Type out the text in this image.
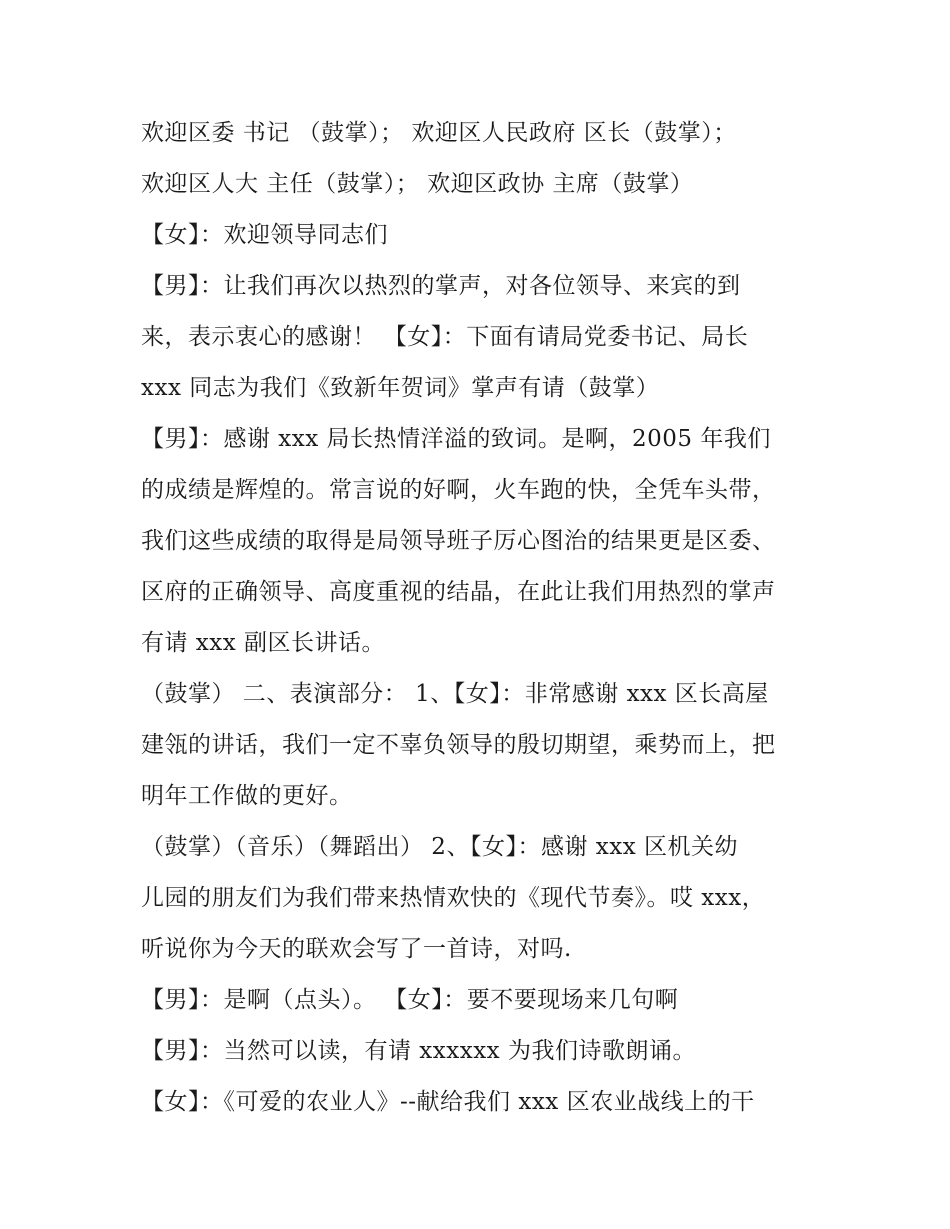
欢迎区委 书记 （鼓掌）； 欢迎区人民政府 区长（鼓掌）；
欢迎区人大 主任（鼓掌）； 欢迎区政协 主席（鼓掌）
【女】：欢迎领导同志们
【男】：让我们再次以热烈的掌声，对各位领导、来宾的到
来，表示衷心的感谢！ 【女】：下面有请局党委书记、局长
xxx 同志为我们《致新年贺词》掌声有请（鼓掌）
【男】：感谢 xxx 局长热情洋溢的致词。是啊，2005 年我们
的成绩是辉煌的。常言说的好啊，火车跑的快，全凭车头带，
我们这些成绩的取得是局领导班子厉心图治的结果更是区委、
区府的正确领导、高度重视的结晶，在此让我们用热烈的掌声
有请 xxx 副区长讲话。
（鼓掌） 二、表演部分： 1、【女】：非常感谢 xxx 区长高屋
建瓴的讲话，我们一定不辜负领导的殷切期望，乘势而上，把
明年工作做的更好。
（鼓掌）（音乐）（舞蹈出） 2、【女】：感谢 xxx 区机关幼
儿园的朋友们为我们带来热情欢快的《现代节奏》。哎 xxx，
听说你为今天的联欢会写了一首诗，对吗.
【男】：是啊（点头）。 【女】：要不要现场来几句啊
【男】：当然可以读，有请 xxxxxx 为我们诗歌朗诵。
【女】：《可爱的农业人》--献给我们 xxx 区农业战线上的干
